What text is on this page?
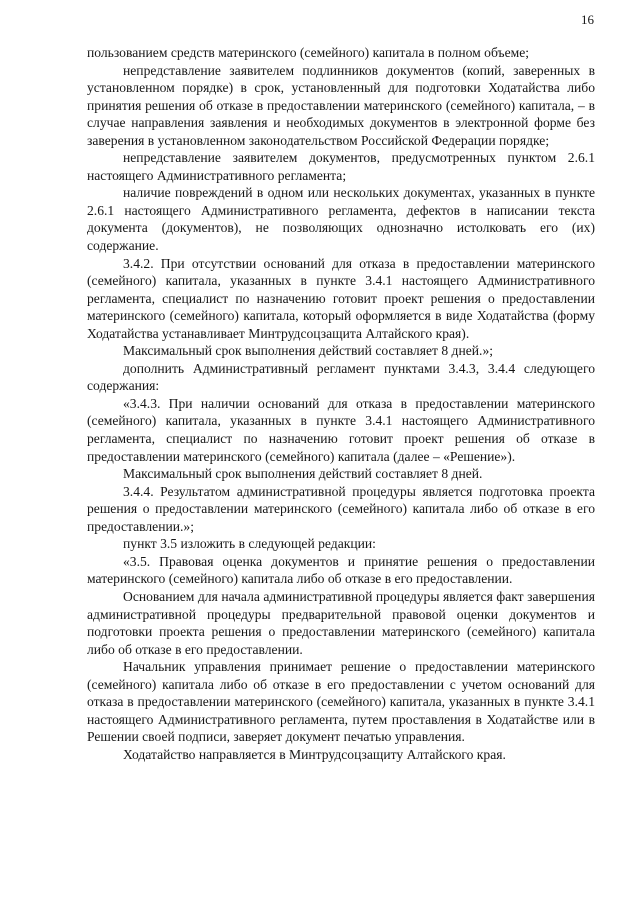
16

пользованием средств материнского (семейного) капитала в полном объеме;

непредставление заявителем подлинников документов (копий, заверенных в установленном порядке) в срок, установленный для подготовки Ходатайства либо принятия решения об отказе в предоставлении материнского (семейного) капитала, – в случае направления заявления и необходимых документов в электронной форме без заверения в установленном законодательством Российской Федерации порядке;

непредставление заявителем документов, предусмотренных пунктом 2.6.1 настоящего Административного регламента;

наличие повреждений в одном или нескольких документах, указанных в пункте 2.6.1 настоящего Административного регламента, дефектов в написании текста документа (документов), не позволяющих однозначно истолковать его (их) содержание.

3.4.2. При отсутствии оснований для отказа в предоставлении материнского (семейного) капитала, указанных в пункте 3.4.1 настоящего Административного регламента, специалист по назначению готовит проект решения о предоставлении материнского (семейного) капитала, который оформляется в виде Ходатайства (форму Ходатайства устанавливает Минтрудсоцзащита Алтайского края).

Максимальный срок выполнения действий составляет 8 дней.»;

дополнить Административный регламент пунктами 3.4.3, 3.4.4 следующего содержания:

«3.4.3. При наличии оснований для отказа в предоставлении материнского (семейного) капитала, указанных в пункте 3.4.1 настоящего Административного регламента, специалист по назначению готовит проект решения об отказе в предоставлении материнского (семейного) капитала (далее – «Решение»).

Максимальный срок выполнения действий составляет 8 дней.

3.4.4. Результатом административной процедуры является подготовка проекта решения о предоставлении материнского (семейного) капитала либо об отказе в его предоставлении.»;

пункт 3.5 изложить в следующей редакции:

«3.5. Правовая оценка документов и принятие решения о предоставлении материнского (семейного) капитала либо об отказе в его предоставлении.

Основанием для начала административной процедуры является факт завершения административной процедуры предварительной правовой оценки документов и подготовки проекта решения о предоставлении материнского (семейного) капитала либо об отказе в его предоставлении.

Начальник управления принимает решение о предоставлении материнского (семейного) капитала либо об отказе в его предоставлении с учетом оснований для отказа в предоставлении материнского (семейного) капитала, указанных в пункте 3.4.1 настоящего Административного регламента, путем проставления в Ходатайстве или в Решении своей подписи, заверяет документ печатью управления.

Ходатайство направляется в Минтрудсоцзащиту Алтайского края.
